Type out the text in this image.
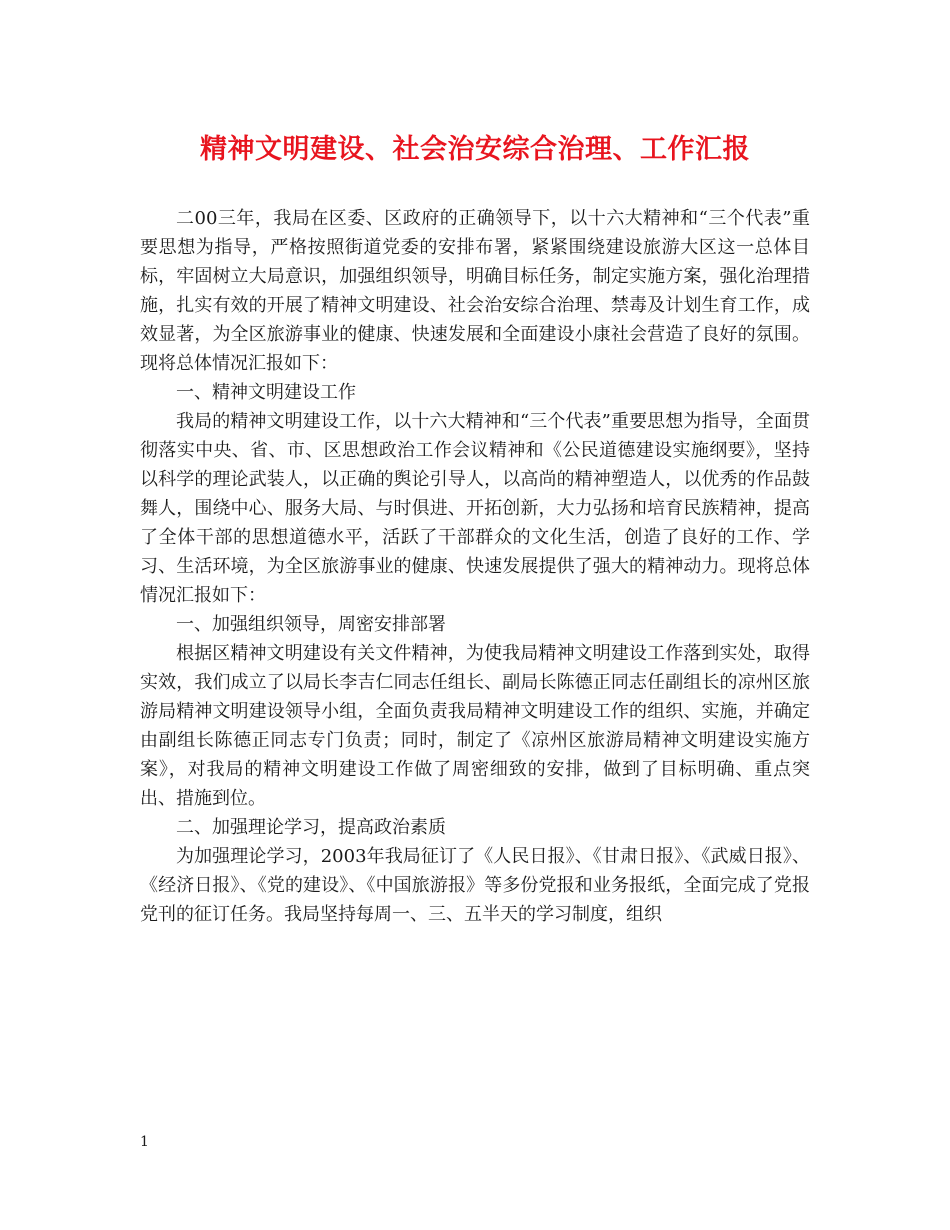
精神文明建设、社会治安综合治理、工作汇报

二00三年，我局在区委、区政府的正确领导下，以十六大精神和“三个代表”重要思想为指导，严格按照街道党委的安排布署，紧紧围绕建设旅游大区这一总体目标，牢固树立大局意识，加强组织领导，明确目标任务，制定实施方案，强化治理措施，扎实有效的开展了精神文明建设、社会治安综合治理、禁毒及计划生育工作，成效显著，为全区旅游事业的健康、快速发展和全面建设小康社会营造了良好的氛围。现将总体情况汇报如下：

一、精神文明建设工作

我局的精神文明建设工作，以十六大精神和“三个代表”重要思想为指导，全面贯彻落实中央、省、市、区思想政治工作会议精神和《公民道德建设实施纲要》，坚持以科学的理论武装人，以正确的舆论引导人，以高尚的精神塑造人，以优秀的作品鼓舞人，围绕中心、服务大局、与时俱进、开拓创新，大力弘扬和培育民族精神，提高了全体干部的思想道德水平，活跃了干部群众的文化生活，创造了良好的工作、学习、生活环境，为全区旅游事业的健康、快速发展提供了强大的精神动力。现将总体情况汇报如下：

一、加强组织领导，周密安排部署

根据区精神文明建设有关文件精神，为使我局精神文明建设工作落到实处，取得实效，我们成立了以局长李吉仁同志任组长、副局长陈德正同志任副组长的凉州区旅游局精神文明建设领导小组，全面负责我局精神文明建设工作的组织、实施，并确定由副组长陈德正同志专门负责；同时，制定了《凉州区旅游局精神文明建设实施方案》，对我局的精神文明建设工作做了周密细致的安排，做到了目标明确、重点突出、措施到位。

二、加强理论学习，提高政治素质

为加强理论学习，2003年我局征订了《人民日报》、《甘肃日报》、《武威日报》、《经济日报》、《党的建设》、《中国旅游报》等多份党报和业务报纸，全面完成了党报党刊的征订任务。我局坚持每周一、三、五半天的学习制度，组织

1
